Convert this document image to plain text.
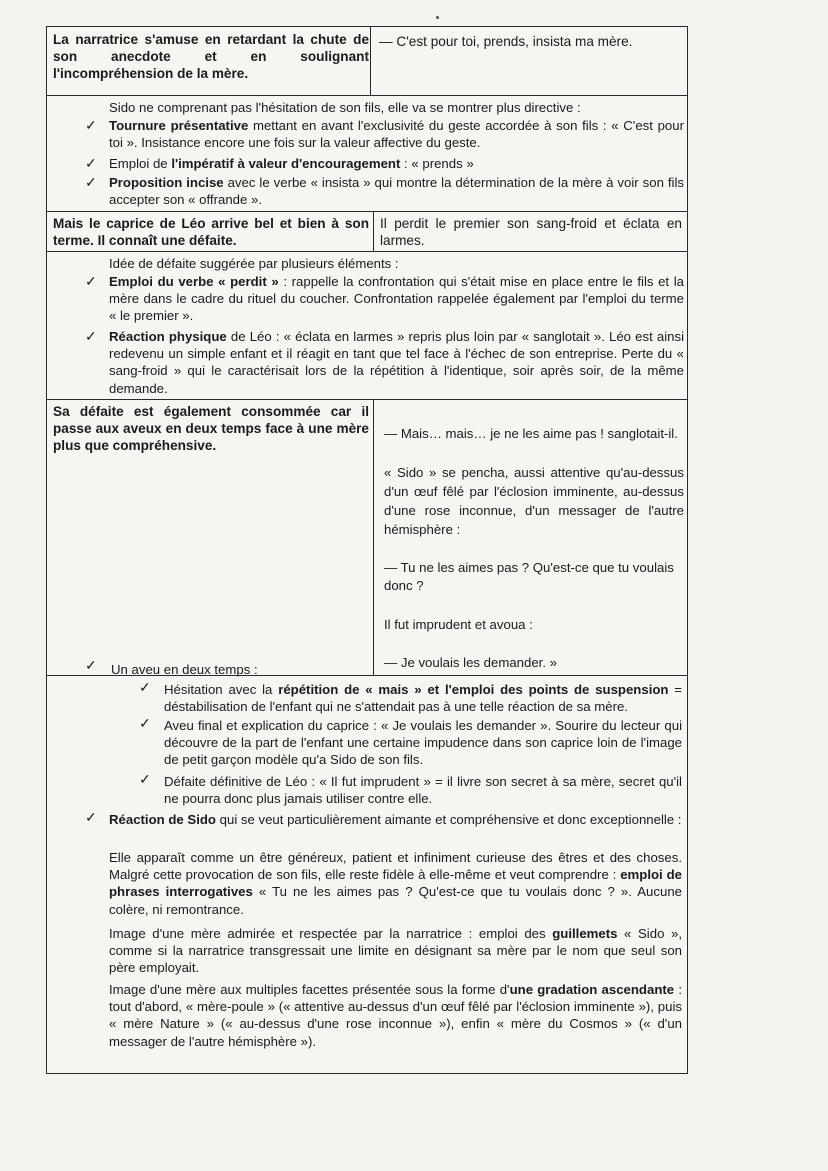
La narratrice s'amuse en retardant la chute de son anecdote et en soulignant l'incompréhension de la mère.
— C'est pour toi, prends, insista ma mère.
Sido ne comprenant pas l'hésitation de son fils, elle va se montrer plus directive :
✓ Tournure présentative mettant en avant l'exclusivité du geste accordée à son fils : « C'est pour toi ». Insistance encore une fois sur la valeur affective du geste.
✓ Emploi de l'impératif à valeur d'encouragement : « prends »
✓ Proposition incise avec le verbe « insista » qui montre la détermination de la mère à voir son fils accepter son « offrande ».
Mais le caprice de Léo arrive bel et bien à son terme. Il connaît une défaite.
Il perdit le premier son sang-froid et éclata en larmes.
Idée de défaite suggérée par plusieurs éléments :
✓ Emploi du verbe « perdit » : rappelle la confrontation qui s'était mise en place entre le fils et la mère dans le cadre du rituel du coucher. Confrontation rappelée également par l'emploi du terme « le premier ».
✓ Réaction physique de Léo : « éclata en larmes » repris plus loin par « sanglotait ». Léo est ainsi redevenu un simple enfant et il réagit en tant que tel face à l'échec de son entreprise. Perte du « sang-froid » qui le caractérisait lors de la répétition à l'identique, soir après soir, de la même demande.
Sa défaite est également consommée car il passe aux aveux en deux temps face à une mère plus que compréhensive.
— Mais… mais… je ne les aime pas ! sanglotait-il.
« Sido » se pencha, aussi attentive qu'au-dessus d'un œuf fêlé par l'éclosion imminente, au-dessus d'une rose inconnue, d'un messager de l'autre hémisphère :
— Tu ne les aimes pas ? Qu'est-ce que tu voulais donc ?
Il fut imprudent et avoua :
— Je voulais les demander. »
✓ Un aveu en deux temps :
✓ Hésitation avec la répétition de « mais » et l'emploi des points de suspension = déstabilisation de l'enfant qui ne s'attendait pas à une telle réaction de sa mère.
✓ Aveu final et explication du caprice : « Je voulais les demander ». Sourire du lecteur qui découvre de la part de l'enfant une certaine impudence dans son caprice loin de l'image de petit garçon modèle qu'a Sido de son fils.
✓ Défaite définitive de Léo : « Il fut imprudent » = il livre son secret à sa mère, secret qu'il ne pourra donc plus jamais utiliser contre elle.
✓ Réaction de Sido qui se veut particulièrement aimante et compréhensive et donc exceptionnelle :
Elle apparaît comme un être généreux, patient et infiniment curieuse des êtres et des choses. Malgré cette provocation de son fils, elle reste fidèle à elle-même et veut comprendre : emploi de phrases interrogatives « Tu ne les aimes pas ? Qu'est-ce que tu voulais donc ? ». Aucune colère, ni remontrance.
Image d'une mère admirée et respectée par la narratrice : emploi des guillemets « Sido », comme si la narratrice transgressait une limite en désignant sa mère par le nom que seul son père employait.
Image d'une mère aux multiples facettes présentée sous la forme d'une gradation ascendante : tout d'abord, « mère-poule » (« attentive au-dessus d'un œuf fêlé par l'éclosion imminente »), puis « mère Nature » (« au-dessus d'une rose inconnue »), enfin « mère du Cosmos » (« d'un messager de l'autre hémisphère »).
